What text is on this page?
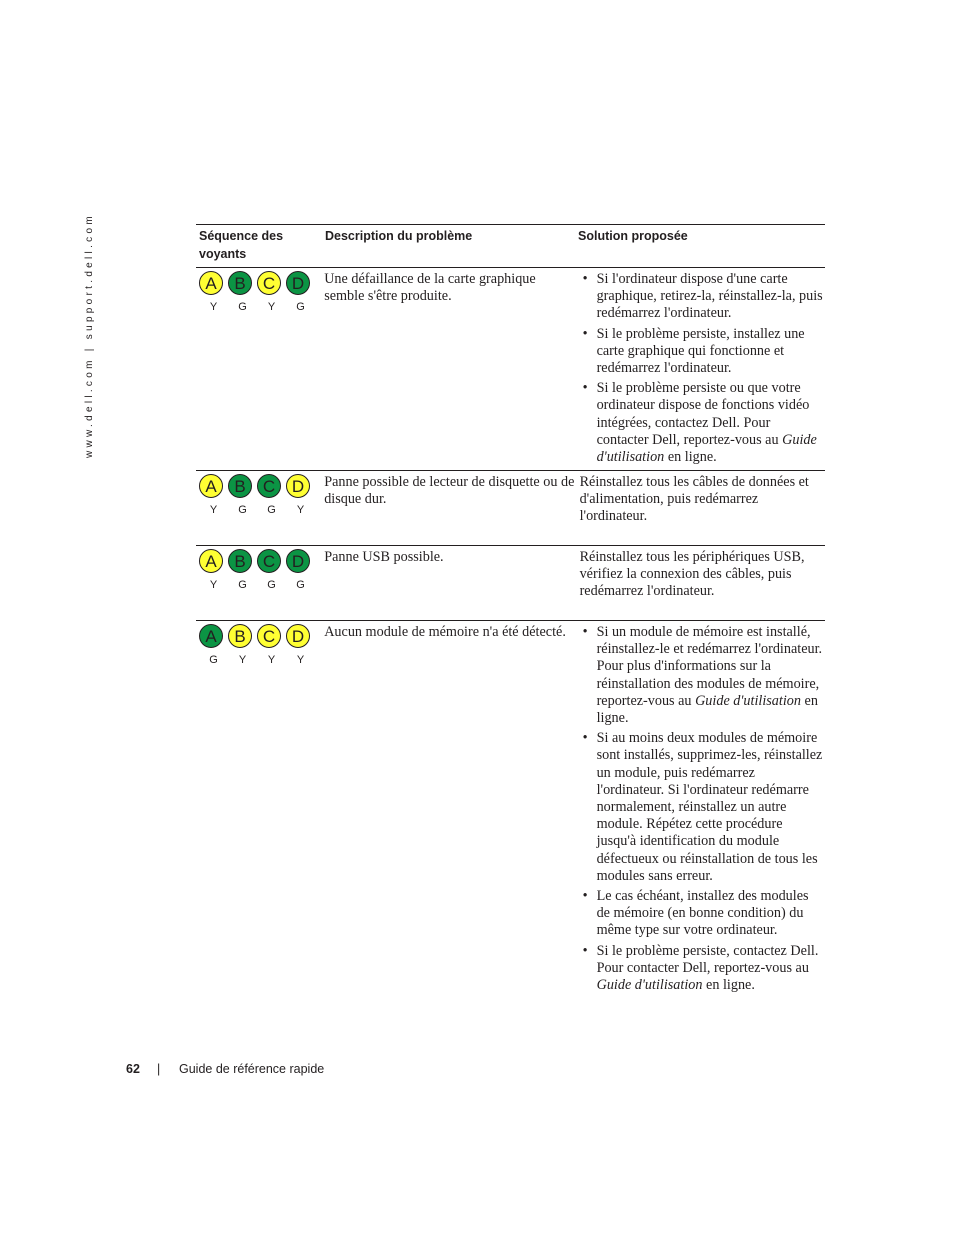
www.dell.com | support.dell.com	Séquence des voyants
Description du problème	Solution proposée
A B C D
Y	G	Y	G
Une défaillance de la carte graphique semble s'être produite.
• Si l'ordinateur dispose d'une carte graphique, retirez-la, réinstallez-la, puis redémarrez l'ordinateur.
• Si le problème persiste, installez une carte graphique qui fonctionne et redémarrez l'ordinateur.
• Si le problème persiste ou que votre ordinateur dispose de fonctions vidéo intégrées, contactez Dell. Pour contacter Dell, reportez-vous au Guide d'utilisation en ligne.
A B C D
Y	G	G	Y
Panne possible de lecteur de disquette ou de disque dur.
Réinstallez tous les câbles de données et d'alimentation, puis redémarrez l'ordinateur.
A B C D
Y	G	G	G
Panne USB possible.	Réinstallez tous les périphériques USB, vérifiez la connexion des câbles, puis redémarrez l'ordinateur.
A B C D
G	Y	Y	Y
Aucun module de mémoire n'a été détecté.
•	Si un module de mémoire est installé, réinstallez-le et redémarrez l'ordinateur. Pour plus d'informations sur la réinstallation des modules de mémoire, reportez-vous au Guide d'utilisation en ligne.
• Si au moins deux modules de mémoire sont installés, supprimez-les, réinstallez un module, puis redémarrez l'ordinateur. Si l'ordinateur redémarre normalement, réinstallez un autre module. Répétez cette procédure jusqu'à identification du module défectueux ou réinstallation de tous les modules sans erreur.
• Le cas échéant, installez des modules de mémoire (en bonne condition) du même type sur votre ordinateur.
• Si le problème persiste, contactez Dell. Pour contacter Dell, reportez-vous au Guide d'utilisation en ligne.
62 | Guide de référence rapide
